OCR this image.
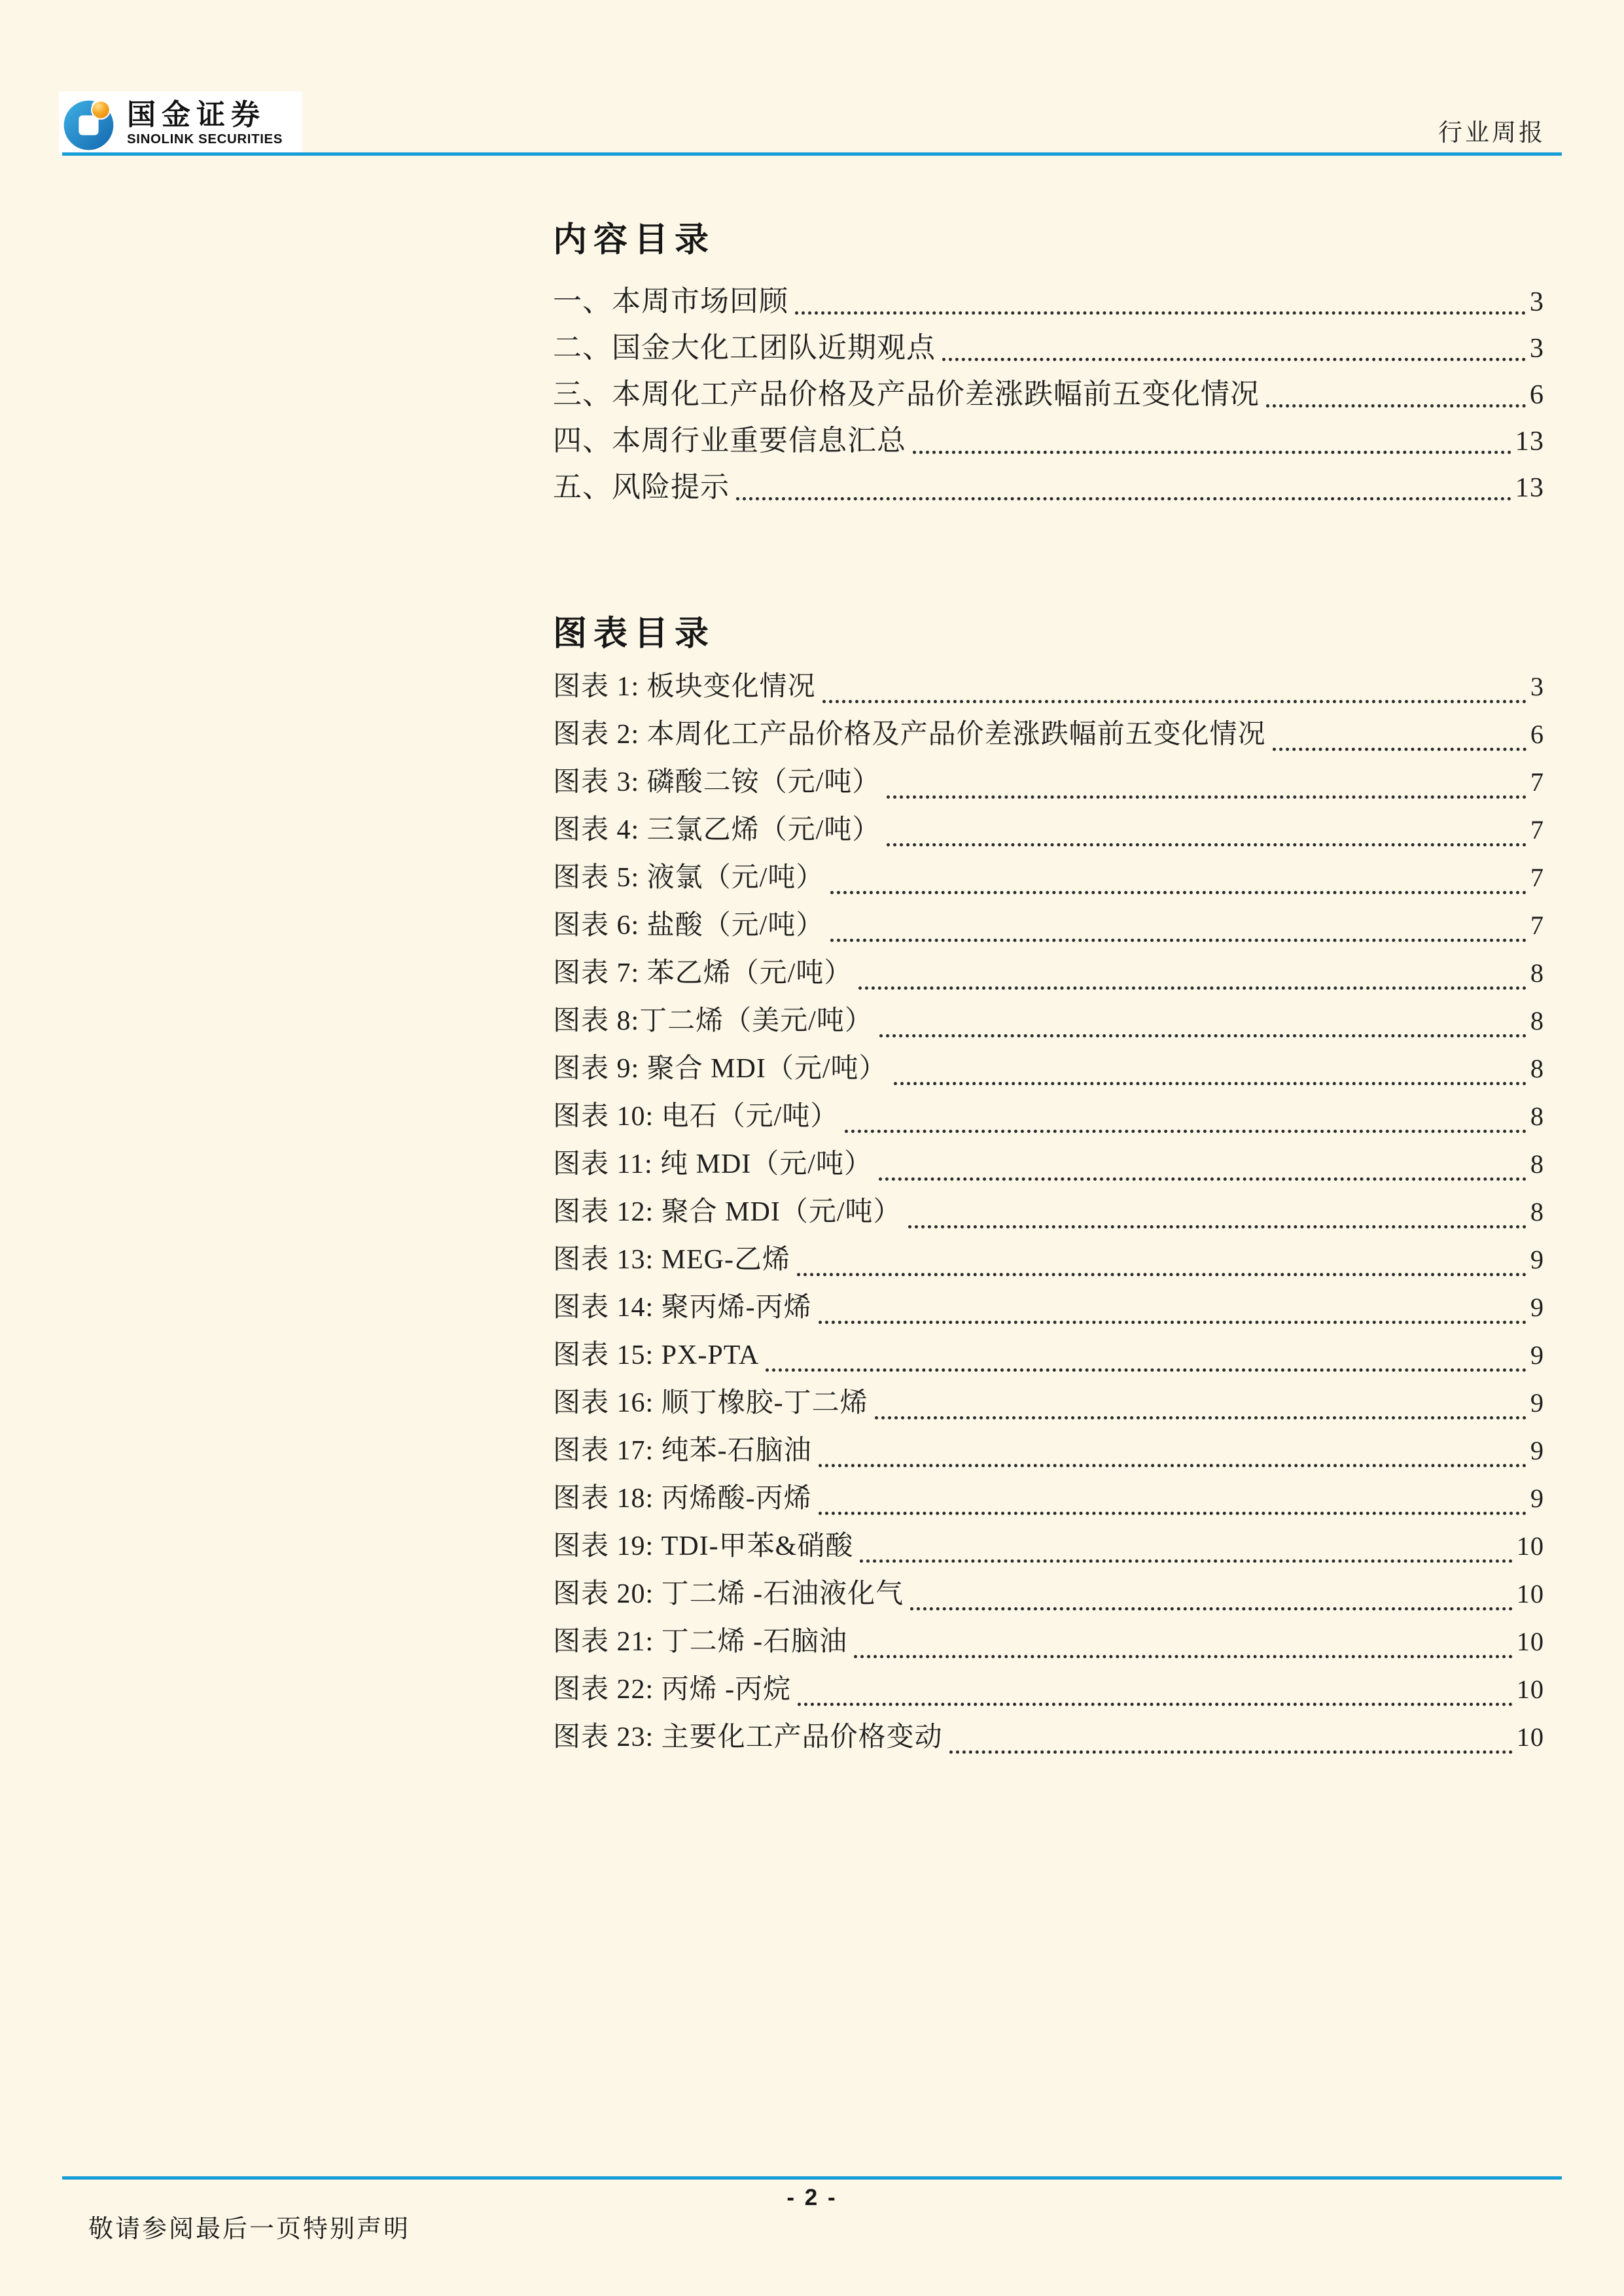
国金证券
SINOLINK SECURITIES	行业周报
内容目录
一、本周市场回顾	3
二、国金大化工团队近期观点	3
三、本周化工产品价格及产品价差涨跌幅前五变化情况	6
四、本周行业重要信息汇总	13
五、风险提示	13
图表目录
图表 1: 板块变化情况	3
图表 2: 本周化工产品价格及产品价差涨跌幅前五变化情况	6
图表 3: 磷酸二铵（元/吨）	7
图表 4: 三氯乙烯（元/吨）	7
图表 5: 液氯（元/吨）	7
图表 6: 盐酸（元/吨）	7
图表 7: 苯乙烯（元/吨）	8
图表 8:丁二烯（美元/吨）	8
图表 9: 聚合 MDI（元/吨）	8
图表 10: 电石（元/吨）	8
图表 11: 纯 MDI（元/吨）	8
图表 12: 聚合 MDI（元/吨）	8
图表 13: MEG-乙烯	9
图表 14: 聚丙烯-丙烯	9
图表 15: PX-PTA	9
图表 16: 顺丁橡胶-丁二烯	9
图表 17: 纯苯-石脑油	9
图表 18: 丙烯酸-丙烯	9
图表 19: TDI-甲苯&硝酸	10
图表 20: 丁二烯 -石油液化气	10
图表 21: 丁二烯 -石脑油	10
图表 22: 丙烯 -丙烷	10
图表 23: 主要化工产品价格变动	10
- 2 -
敬请参阅最后一页特别声明
